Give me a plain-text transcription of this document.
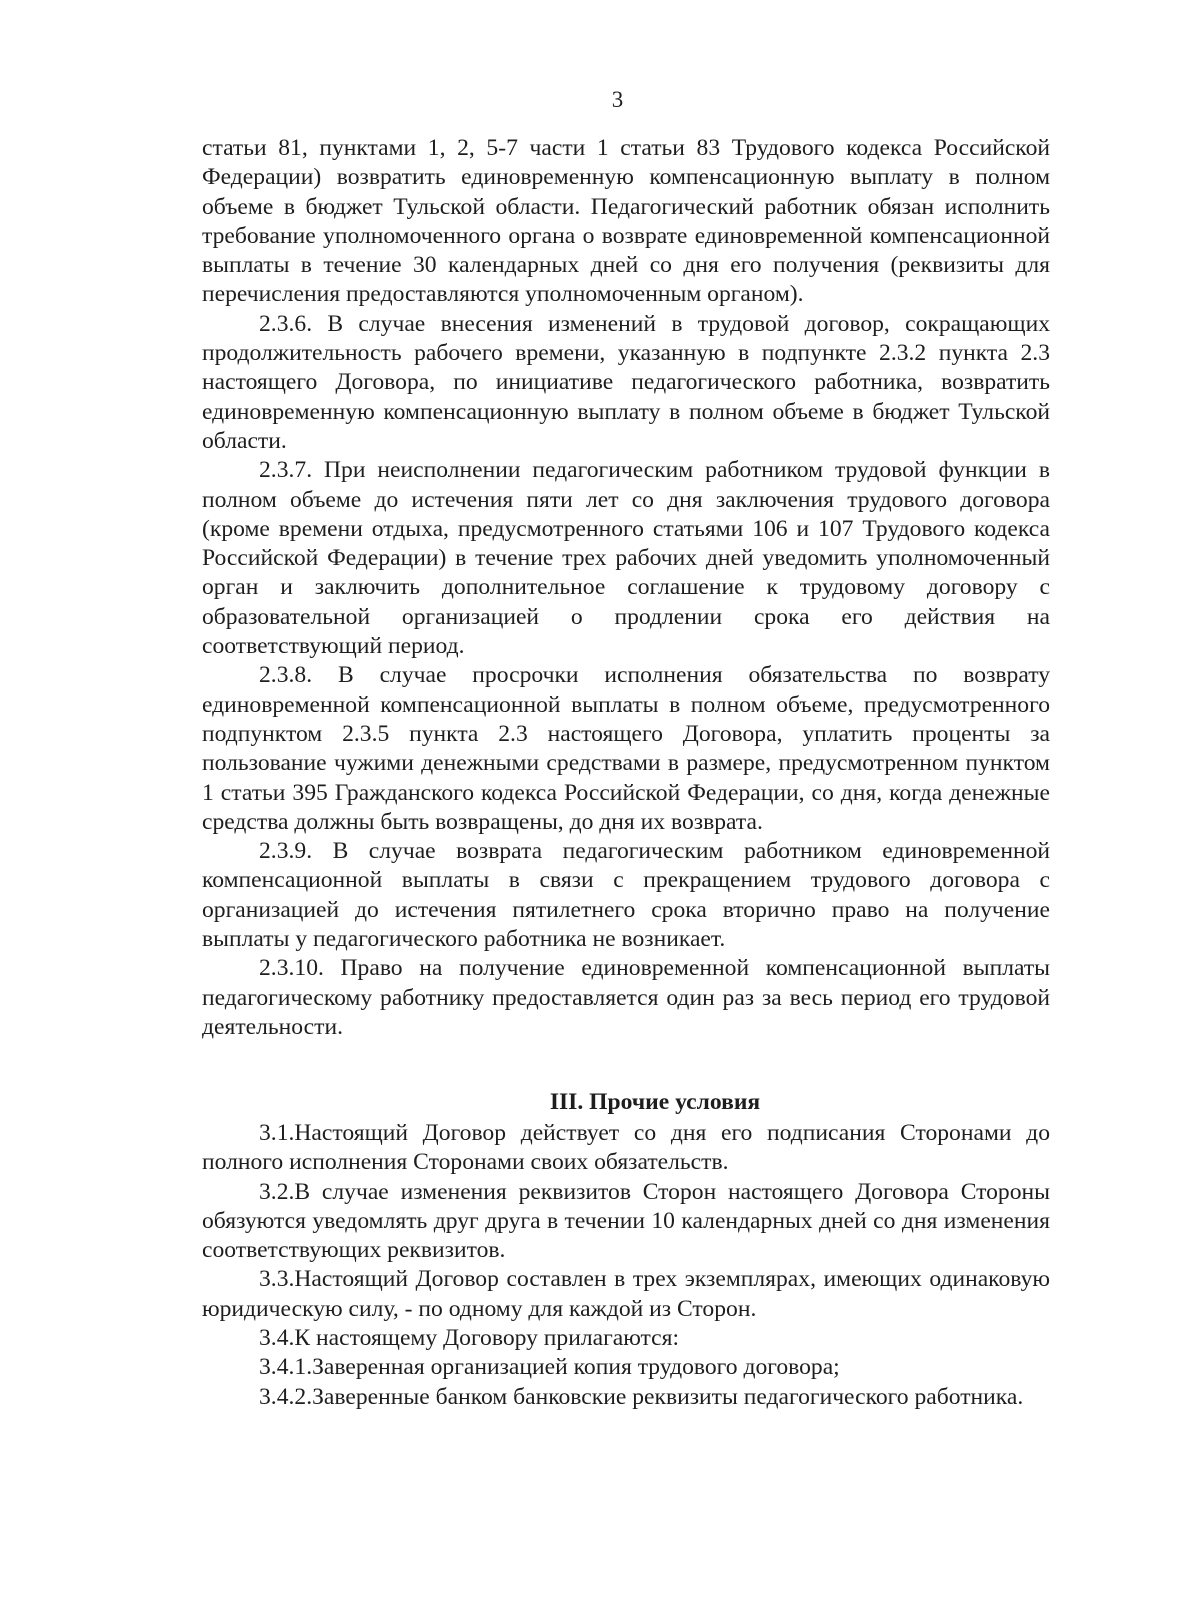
3

статьи 81, пунктами 1, 2, 5-7 части 1 статьи 83 Трудового кодекса Российской Федерации) возвратить единовременную компенсационную выплату в полном объеме в бюджет Тульской области. Педагогический работник обязан исполнить требование уполномоченного органа о возврате единовременной компенсационной выплаты в течение 30 календарных дней со дня его получения (реквизиты для перечисления предоставляются уполномоченным органом).

2.3.6. В случае внесения изменений в трудовой договор, сокращающих продолжительность рабочего времени, указанную в подпункте 2.3.2 пункта 2.3 настоящего Договора, по инициативе педагогического работника, возвратить единовременную компенсационную выплату в полном объеме в бюджет Тульской области.

2.3.7. При неисполнении педагогическим работником трудовой функции в полном объеме до истечения пяти лет со дня заключения трудового договора (кроме времени отдыха, предусмотренного статьями 106 и 107 Трудового кодекса Российской Федерации) в течение трех рабочих дней уведомить уполномоченный орган и заключить дополнительное соглашение к трудовому договору с образовательной организацией о продлении срока его действия на соответствующий период.

2.3.8. В случае просрочки исполнения обязательства по возврату единовременной компенсационной выплаты в полном объеме, предусмотренного подпунктом 2.3.5 пункта 2.3 настоящего Договора, уплатить проценты за пользование чужими денежными средствами в размере, предусмотренном пунктом 1 статьи 395 Гражданского кодекса Российской Федерации, со дня, когда денежные средства должны быть возвращены, до дня их возврата.

2.3.9. В случае возврата педагогическим работником единовременной компенсационной выплаты в связи с прекращением трудового договора с организацией до истечения пятилетнего срока вторично право на получение выплаты у педагогического работника не возникает.

2.3.10. Право на получение единовременной компенсационной выплаты педагогическому работнику предоставляется один раз за весь период его трудовой деятельности.

III. Прочие условия

3.1.Настоящий Договор действует со дня его подписания Сторонами до полного исполнения Сторонами своих обязательств.

3.2.В случае изменения реквизитов Сторон настоящего Договора Стороны обязуются уведомлять друг друга в течении 10 календарных дней со дня изменения соответствующих реквизитов.

3.3.Настоящий Договор составлен в трех экземплярах, имеющих одинаковую юридическую силу, - по одному для каждой из Сторон.

3.4.К настоящему Договору прилагаются:

3.4.1.Заверенная организацией копия трудового договора;

3.4.2.Заверенные банком банковские реквизиты педагогического работника.
